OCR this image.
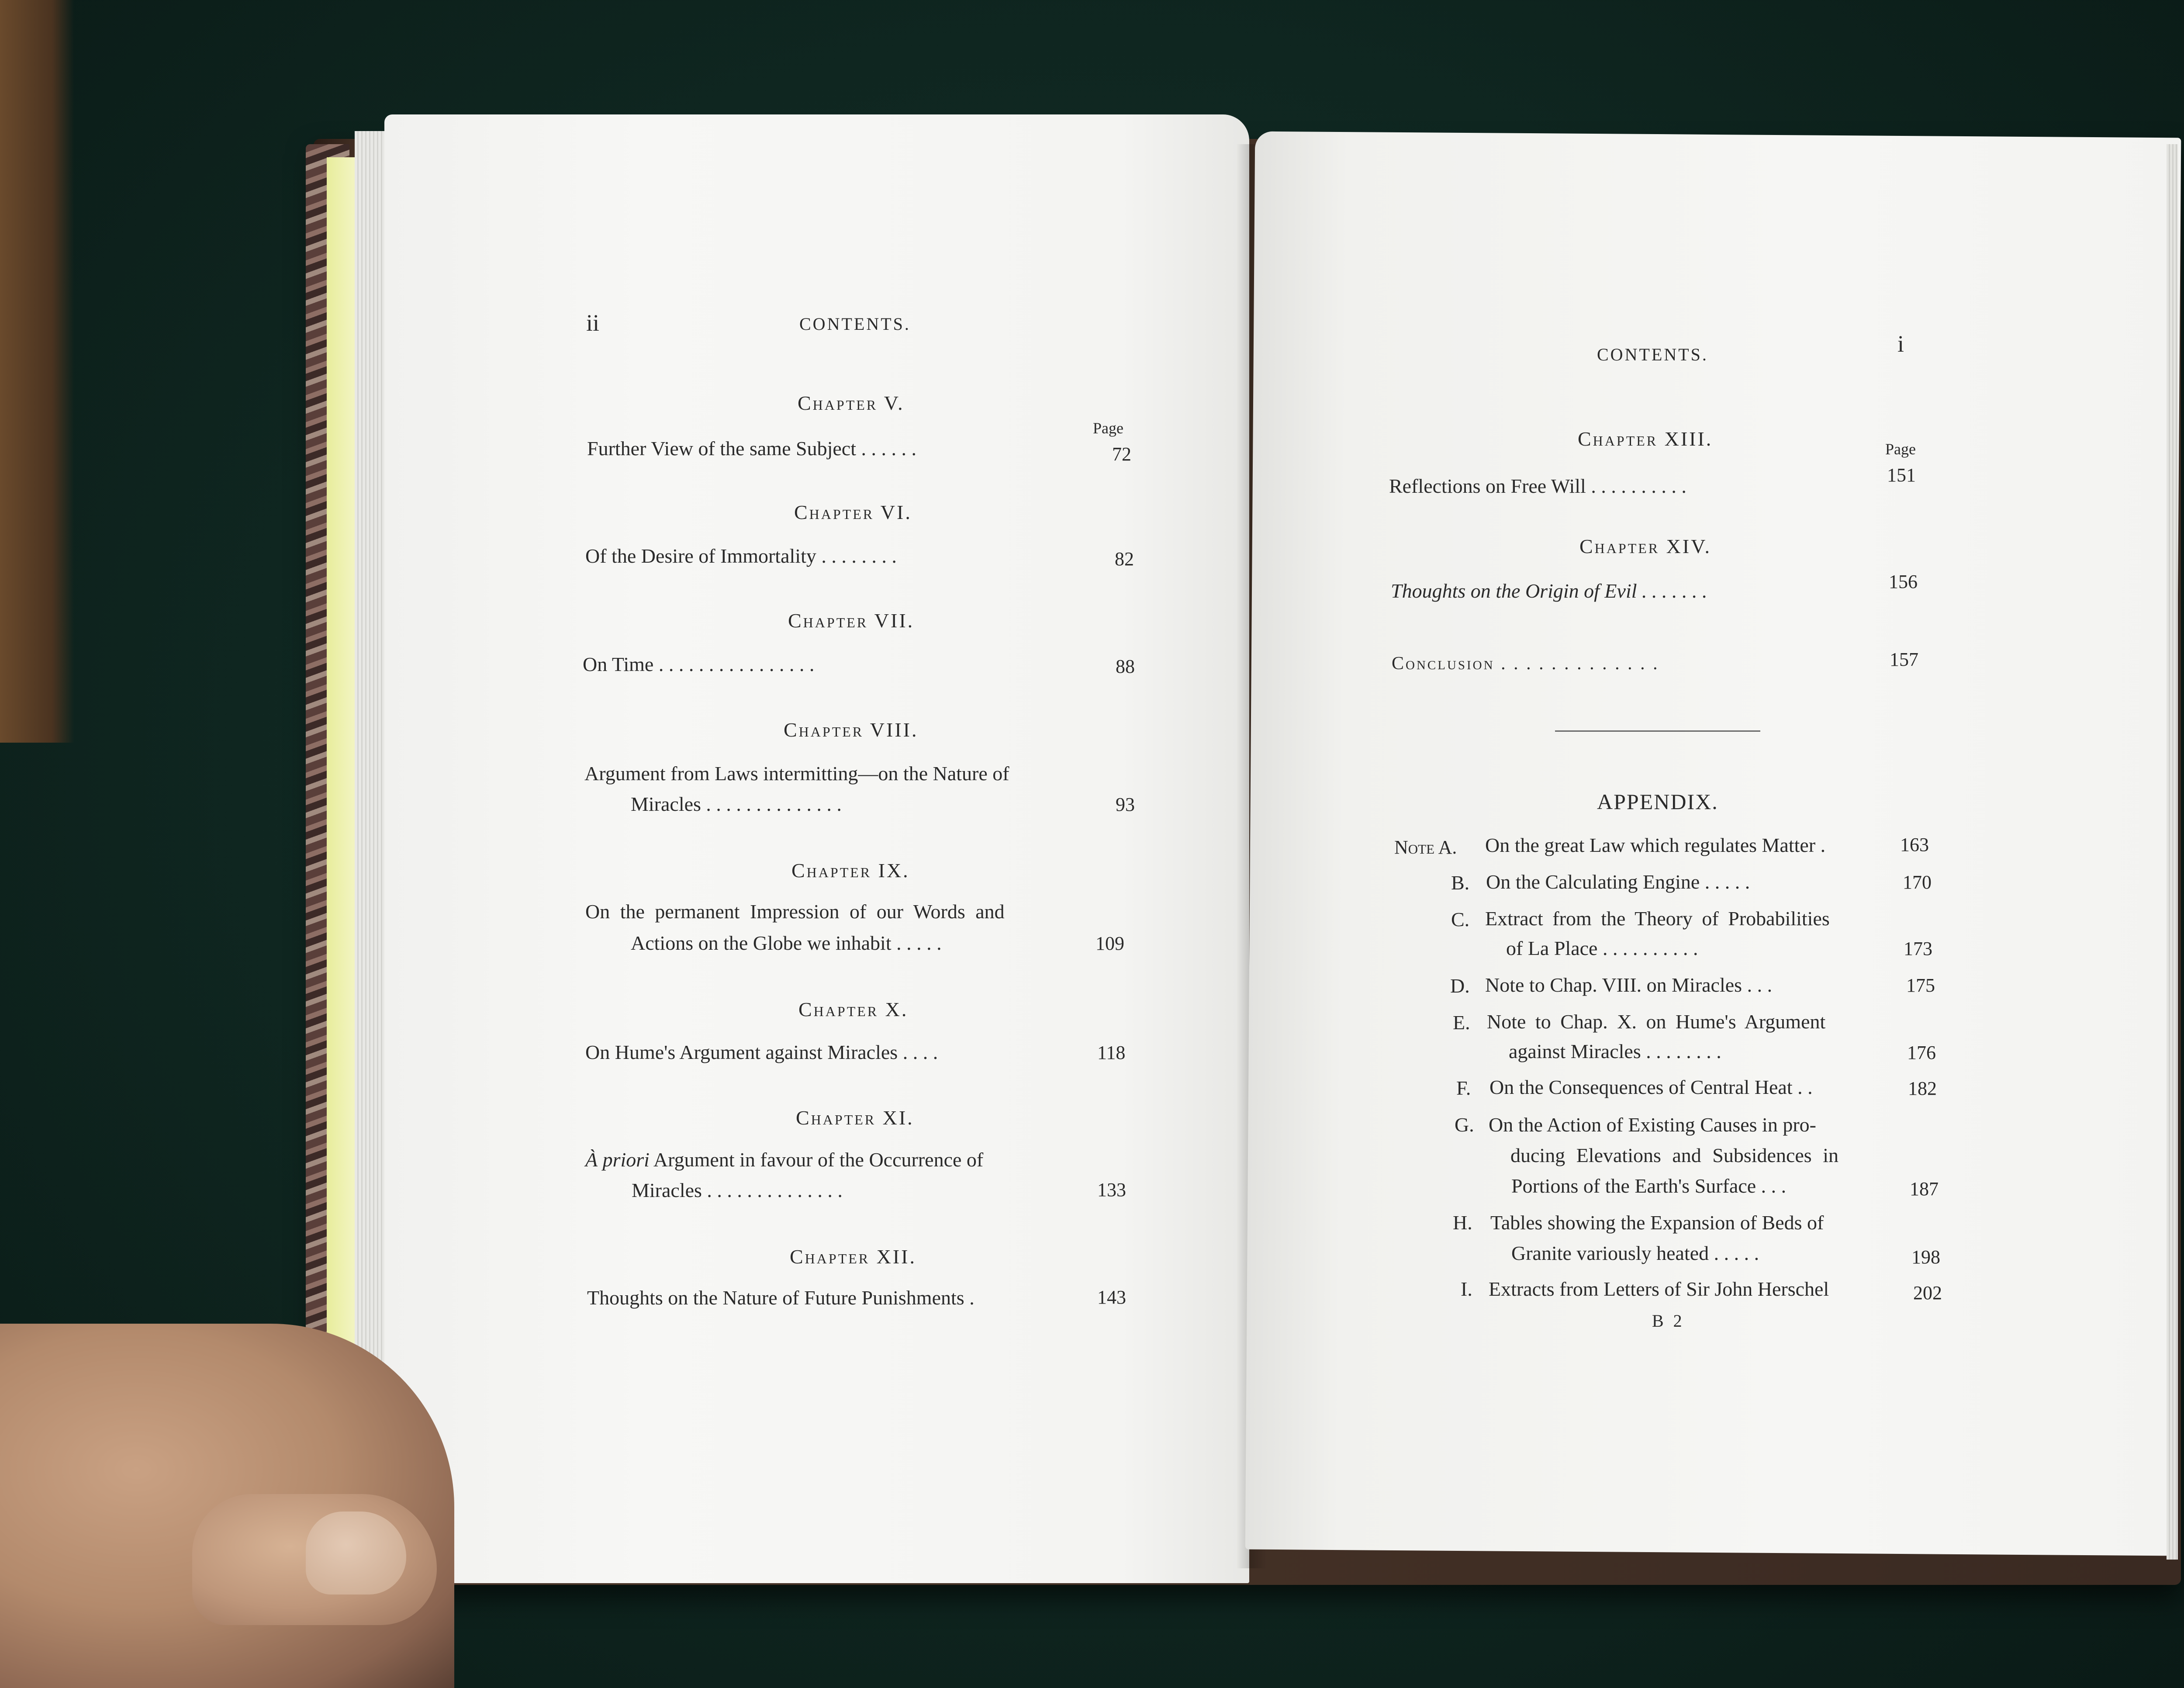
ii	CONTENTS.
Chapter V.
Page
Further View of the same Subject . . . . . .	72
Chapter VI.
Of the Desire of Immortality . . . . . . . .	82
Chapter VII.
On Time . . . . . . . . . . . . . . . .	88
Chapter VIII.
Argument from Laws intermitting—on the Nature of
Miracles . . . . . . . . . . . . . .	93
Chapter IX.
On the permanent Impression of our Words and
Actions on the Globe we inhabit . . . . .	109
Chapter X.
On Hume's Argument against Miracles . . . .	118
Chapter XI.
À priori Argument in favour of the Occurrence of
Miracles . . . . . . . . . . . . . .	133
Chapter XII.
Thoughts on the Nature of Future Punishments .	143
CONTENTS.	i
Chapter XIII.	Page
Reflections on Free Will . . . . . . . . . .	151
Chapter XIV.
Thoughts on the Origin of Evil . . . . . . .	156
Conclusion . . . . . . . . . . . . .	157
APPENDIX.
Note A. On the great Law which regulates Matter .	163
B. On the Calculating Engine . . . . .	170
C. Extract from the Theory of Probabilities
of La Place . . . . . . . . . .	173
D. Note to Chap. VIII. on Miracles . . .	175
E. Note to Chap. X. on Hume's Argument
against Miracles . . . . . . . .	176
F. On the Consequences of Central Heat . .	182
G. On the Action of Existing Causes in pro-
ducing Elevations and Subsidences in
Portions of the Earth's Surface . . .	187
H. Tables showing the Expansion of Beds of
Granite variously heated . . . . .	198
I. Extracts from Letters of Sir John Herschel	202
B 2
